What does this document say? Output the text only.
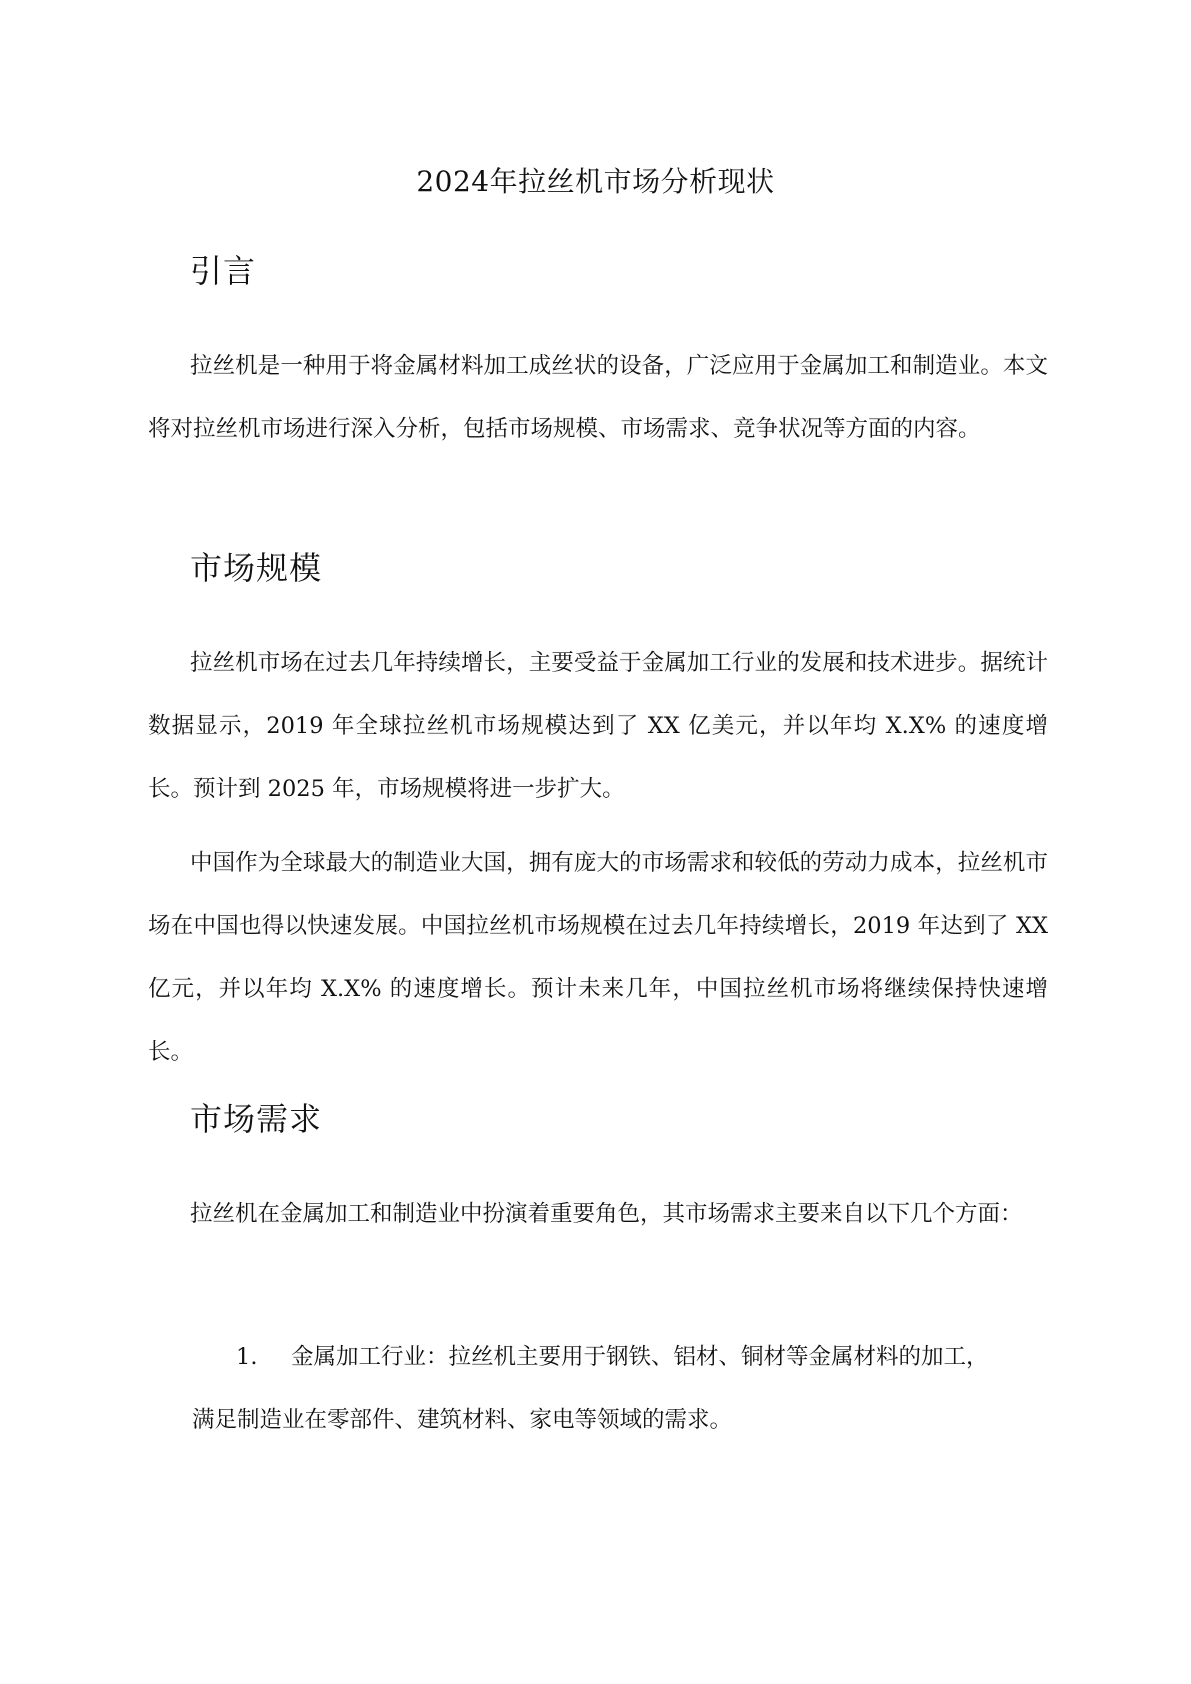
2024年拉丝机市场分析现状
引言
拉丝机是一种用于将金属材料加工成丝状的设备，广泛应用于金属加工和制造业。本文将对拉丝机市场进行深入分析，包括市场规模、市场需求、竞争状况等方面的内容。
市场规模
拉丝机市场在过去几年持续增长，主要受益于金属加工行业的发展和技术进步。据统计数据显示，2019 年全球拉丝机市场规模达到了 XX 亿美元，并以年均 X.X% 的速度增长。预计到 2025 年，市场规模将进一步扩大。
中国作为全球最大的制造业大国，拥有庞大的市场需求和较低的劳动力成本，拉丝机市场在中国也得以快速发展。中国拉丝机市场规模在过去几年持续增长，2019 年达到了 XX 亿元，并以年均 X.X% 的速度增长。预计未来几年，中国拉丝机市场将继续保持快速增长。
市场需求
拉丝机在金属加工和制造业中扮演着重要角色，其市场需求主要来自以下几个方面：
1. 金属加工行业：拉丝机主要用于钢铁、铝材、铜材等金属材料的加工，
满足制造业在零部件、建筑材料、家电等领域的需求。
